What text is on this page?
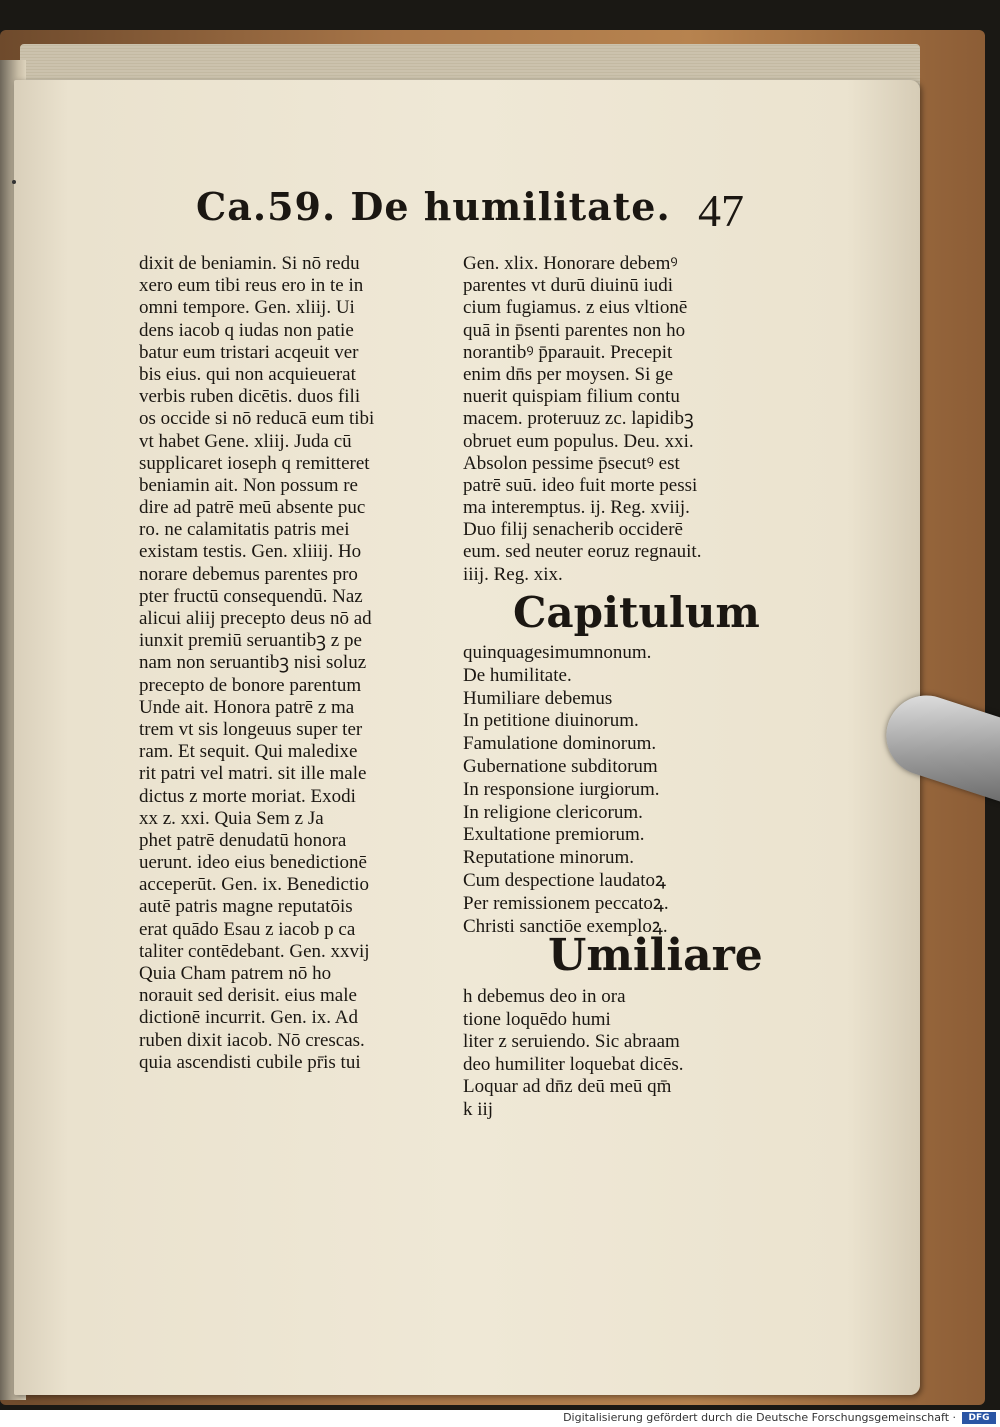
Ca.59. De humilitate. 47
dixit de beniamin. Si nō redu
xero eum tibi reus ero in te in
omni tempore. Gen. xliij. Ui
dens iacob q iudas non patie
batur eum tristari acqeuit ver
bis eius. qui non acquieuerat
verbis ruben dicētis. duos fili
os occide si nō reducā eum tibi
vt habet Gene. xliij. Juda cū
supplicaret ioseph q remitteret
beniamin ait. Non possum re
dire ad patrē meū absente puc
ro. ne calamitatis patris mei
existam testis. Gen. xliiij. Ho
norare debemus parentes pro
pter fructū consequendū. Naz
alicui aliij precepto deus nō ad
iunxit premiū seruantibꝫ z pe
nam non seruantibꝫ nisi soluz
precepto de bonore parentum
Unde ait. Honora patrē z ma
trem vt sis longeuus super ter
ram. Et sequit. Qui maledixe
rit patri vel matri. sit ille male
dictus z morte moriat. Exodi
xx z. xxi. Quia Sem z Ja
phet patrē denudatū honora
uerunt. ideo eius benedictionē
acceperūt. Gen. ix. Benedictio
autē patris magne reputatōis
erat quādo Esau z iacob p ca
taliter contēdebant. Gen. xxvij
Quia Cham patrem nō ho
norauit sed derisit. eius male
dictionē incurrit. Gen. ix. Ad
ruben dixit iacob. Nō crescas.
quia ascendisti cubile pr̄is tui
Gen. xlix. Honorare debemꝰ
parentes vt durū diuinū iudi
cium fugiamus. z eius vltionē
quā in p̄senti parentes non ho
norantibꝰ p̄parauit. Precepit
enim dn̄s per moysen. Si ge
nuerit quispiam filium contu
macem. proteruuz zc. lapidibꝫ
obruet eum populus. Deu. xxi.
Absolon pessime p̄secutꝰ est
patrē suū. ideo fuit morte pessi
ma interemptus. ij. Reg. xviij.
Duo filij senacherib occiderē
eum. sed neuter eoruz regnauit.
iiij. Reg. xix.
Capitulum
quinquagesimumnonum.
De humilitate.
Humiliare debemus
In petitione diuinorum.
Famulatione dominorum.
Gubernatione subditorum
In responsione iurgiorum.
In religione clericorum.
Exultatione premiorum.
Reputatione minorum.
Cum despectione laudatoꝝ
Per remissionem peccatoꝝ.
Christi sanctiōe exemploꝝ.
Umiliare
h debemus deo in ora
tione loquēdo humi
liter z seruiendo. Sic abraam
deo humiliter loquebat dicēs.
Loquar ad dn̄z deū meū qm̄
k iij
Digitalisierung gefördert durch die Deutsche Forschungsgemeinschaft ·	DFG
